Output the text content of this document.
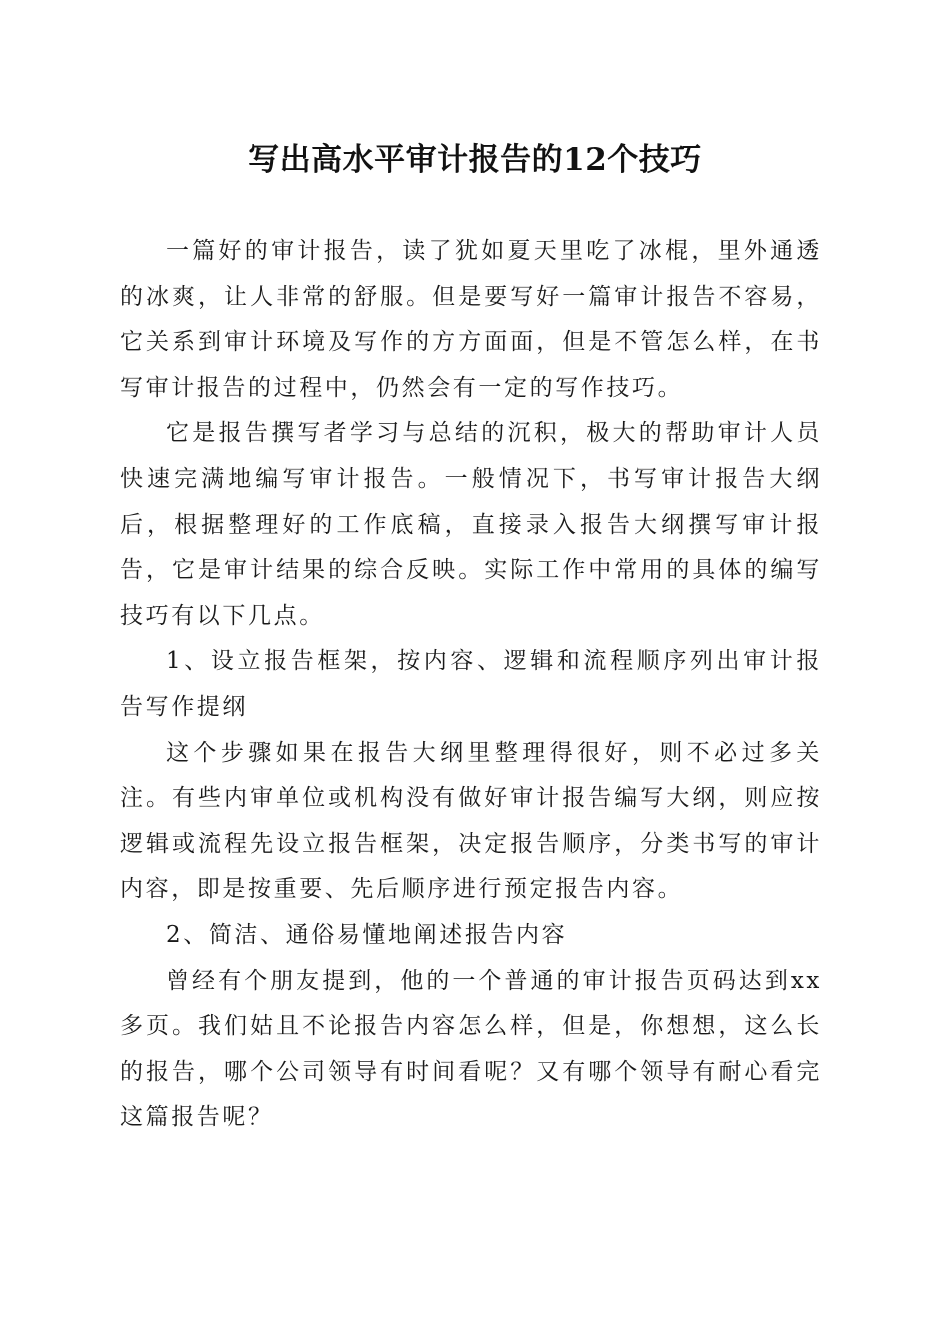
写出高水平审计报告的12个技巧

一篇好的审计报告，读了犹如夏天里吃了冰棍，里外通透的冰爽，让人非常的舒服。但是要写好一篇审计报告不容易，它关系到审计环境及写作的方方面面，但是不管怎么样，在书写审计报告的过程中，仍然会有一定的写作技巧。

它是报告撰写者学习与总结的沉积，极大的帮助审计人员快速完满地编写审计报告。一般情况下，书写审计报告大纲后，根据整理好的工作底稿，直接录入报告大纲撰写审计报告，它是审计结果的综合反映。实际工作中常用的具体的编写技巧有以下几点。

1、设立报告框架，按内容、逻辑和流程顺序列出审计报告写作提纲

这个步骤如果在报告大纲里整理得很好，则不必过多关注。有些内审单位或机构没有做好审计报告编写大纲，则应按逻辑或流程先设立报告框架，决定报告顺序，分类书写的审计内容，即是按重要、先后顺序进行预定报告内容。

2、简洁、通俗易懂地阐述报告内容

曾经有个朋友提到，他的一个普通的审计报告页码达到xx多页。我们姑且不论报告内容怎么样，但是，你想想，这么长的报告，哪个公司领导有时间看呢？又有哪个领导有耐心看完这篇报告呢？
